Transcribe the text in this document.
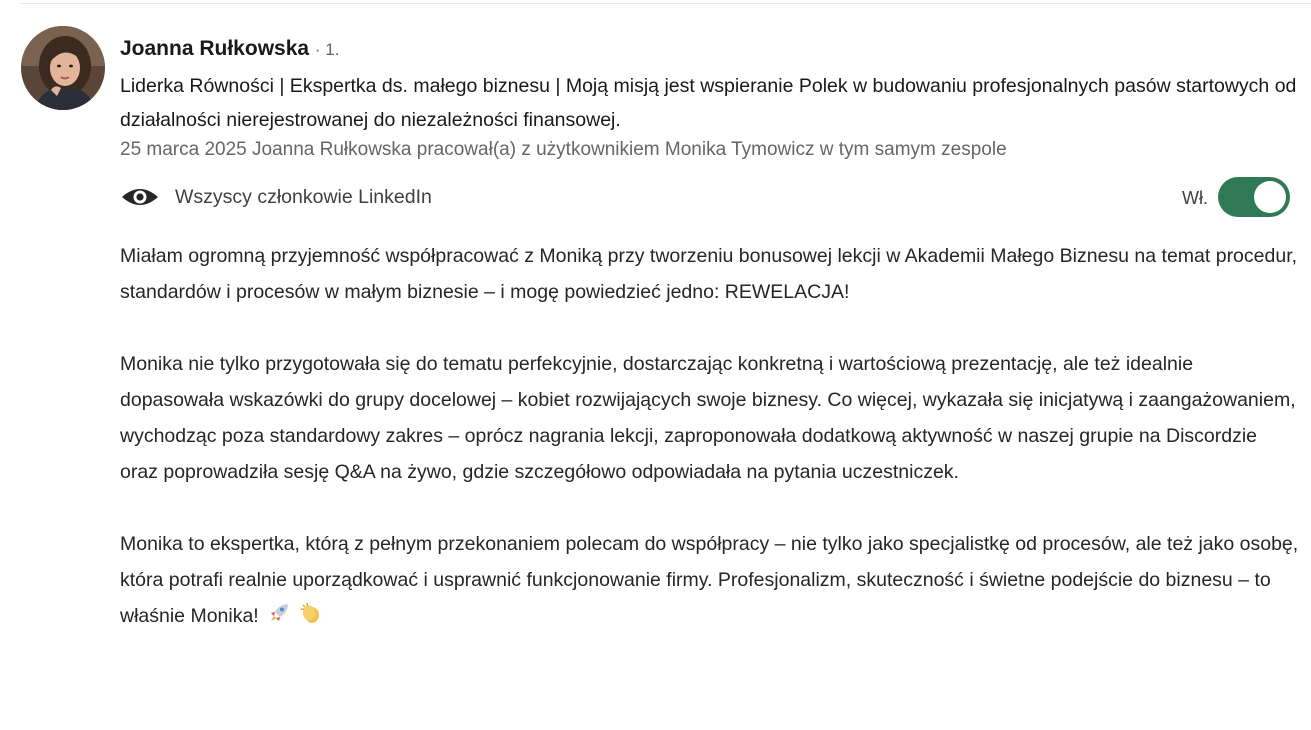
Joanna Rułkowska · 1.
Liderka Równości | Ekspertka ds. małego biznesu | Moją misją jest wspieranie Polek w budowaniu profesjonalnych pasów startowych od działalności nierejestrowanej do niezależności finansowej.
25 marca 2025 Joanna Rułkowska pracował(a) z użytkownikiem Monika Tymowicz w tym samym zespole
Wszyscy członkowie LinkedIn	Wł.

Miałam ogromną przyjemność współpracować z Moniką przy tworzeniu bonusowej lekcji w Akademii Małego Biznesu na temat procedur, standardów i procesów w małym biznesie – i mogę powiedzieć jedno: REWELACJA!

Monika nie tylko przygotowała się do tematu perfekcyjnie, dostarczając konkretną i wartościową prezentację, ale też idealnie dopasowała wskazówki do grupy docelowej – kobiet rozwijających swoje biznesy. Co więcej, wykazała się inicjatywą i zaangażowaniem, wychodząc poza standardowy zakres – oprócz nagrania lekcji, zaproponowała dodatkową aktywność w naszej grupie na Discordzie oraz poprowadziła sesję Q&A na żywo, gdzie szczegółowo odpowiadała na pytania uczestniczek.

Monika to ekspertka, którą z pełnym przekonaniem polecam do współpracy – nie tylko jako specjalistkę od procesów, ale też jako osobę, która potrafi realnie uporządkować i usprawnić funkcjonowanie firmy. Profesjonalizm, skuteczność i świetne podejście do biznesu – to właśnie Monika!
